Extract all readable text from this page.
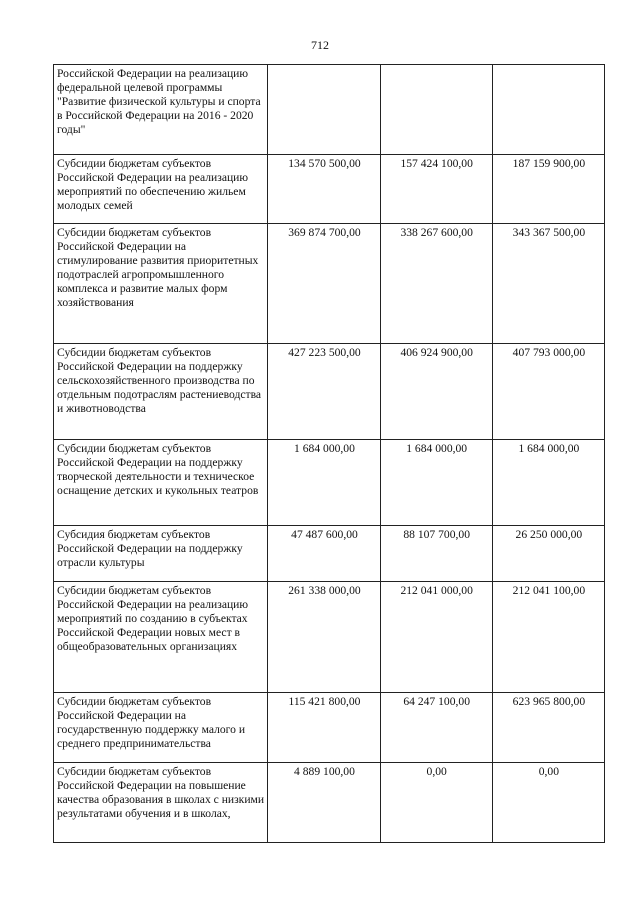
712
Российской Федерации на реализацию федеральной целевой программы "Развитие физической культуры и спорта в Российской Федерации на 2016 - 2020 годы"			
Субсидии бюджетам субъектов Российской Федерации на реализацию мероприятий по обеспечению жильем молодых семей	134 570 500,00	157 424 100,00	187 159 900,00
Субсидии бюджетам субъектов Российской Федерации на стимулирование развития приоритетных подотраслей агропромышленного комплекса и развитие малых форм хозяйствования	369 874 700,00	338 267 600,00	343 367 500,00
Субсидии бюджетам субъектов Российской Федерации на поддержку сельскохозяйственного производства по отдельным подотраслям растениеводства и животноводства	427 223 500,00	406 924 900,00	407 793 000,00
Субсидии бюджетам субъектов Российской Федерации на поддержку творческой деятельности и техническое оснащение детских и кукольных театров	1 684 000,00	1 684 000,00	1 684 000,00
Субсидия бюджетам субъектов Российской Федерации на поддержку отрасли культуры	47 487 600,00	88 107 700,00	26 250 000,00
Субсидии бюджетам субъектов Российской Федерации на реализацию мероприятий по созданию в субъектах Российской Федерации новых мест в общеобразовательных организациях	261 338 000,00	212 041 000,00	212 041 100,00
Субсидии бюджетам субъектов Российской Федерации на государственную поддержку малого и среднего предпринимательства	115 421 800,00	64 247 100,00	623 965 800,00
Субсидии бюджетам субъектов Российской Федерации на повышение качества образования в школах с низкими результатами обучения и в школах,	4 889 100,00	0,00	0,00
